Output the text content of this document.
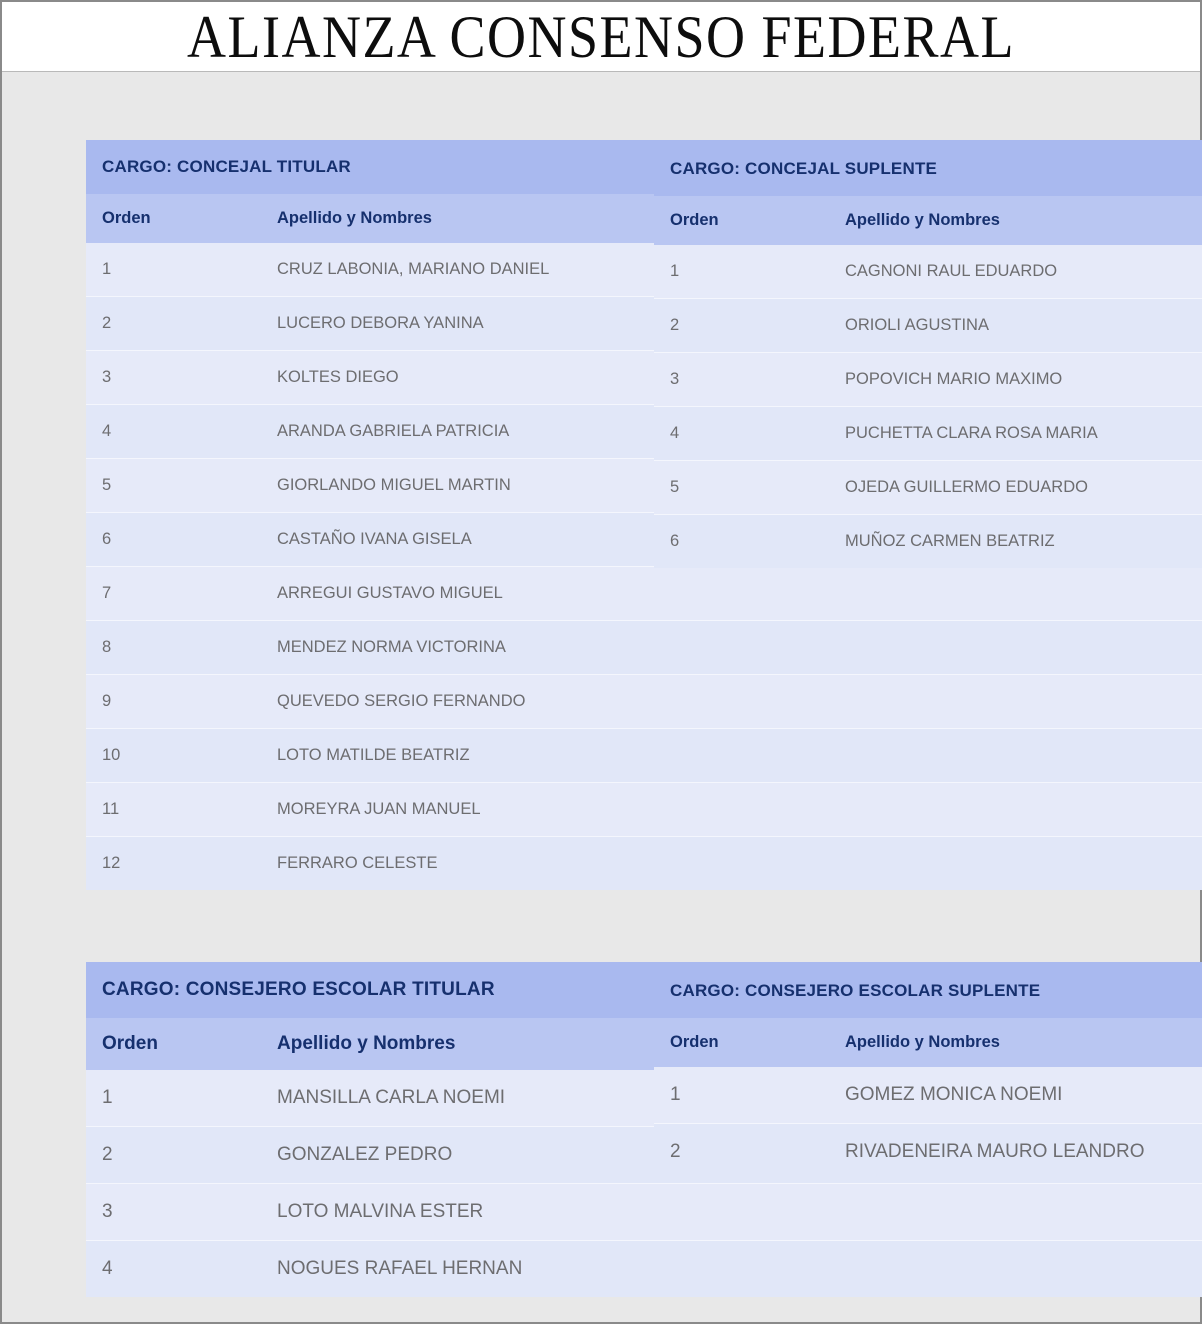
ALIANZA CONSENSO FEDERAL
CARGO: CONCEJAL TITULAR
Orden	Apellido y Nombres
1	CRUZ LABONIA, MARIANO DANIEL
2	LUCERO DEBORA YANINA
3	KOLTES DIEGO
4	ARANDA GABRIELA PATRICIA
5	GIORLANDO MIGUEL MARTIN
6	CASTAÑO IVANA GISELA
7	ARREGUI GUSTAVO MIGUEL
8	MENDEZ NORMA VICTORINA
9	QUEVEDO SERGIO FERNANDO
10	LOTO MATILDE BEATRIZ
11	MOREYRA JUAN MANUEL
12	FERRARO CELESTE
CARGO: CONCEJAL SUPLENTE
Orden	Apellido y Nombres
1	CAGNONI RAUL EDUARDO
2	ORIOLI AGUSTINA
3	POPOVICH MARIO MAXIMO
4	PUCHETTA CLARA ROSA MARIA
5	OJEDA GUILLERMO EDUARDO
6	MUÑOZ CARMEN BEATRIZ
CARGO: CONSEJERO ESCOLAR TITULAR
Orden	Apellido y Nombres
1	MANSILLA CARLA NOEMI
2	GONZALEZ PEDRO
3	LOTO MALVINA ESTER
4	NOGUES RAFAEL HERNAN
CARGO: CONSEJERO ESCOLAR SUPLENTE
Orden	Apellido y Nombres
1	GOMEZ MONICA NOEMI
2	RIVADENEIRA MAURO LEANDRO
